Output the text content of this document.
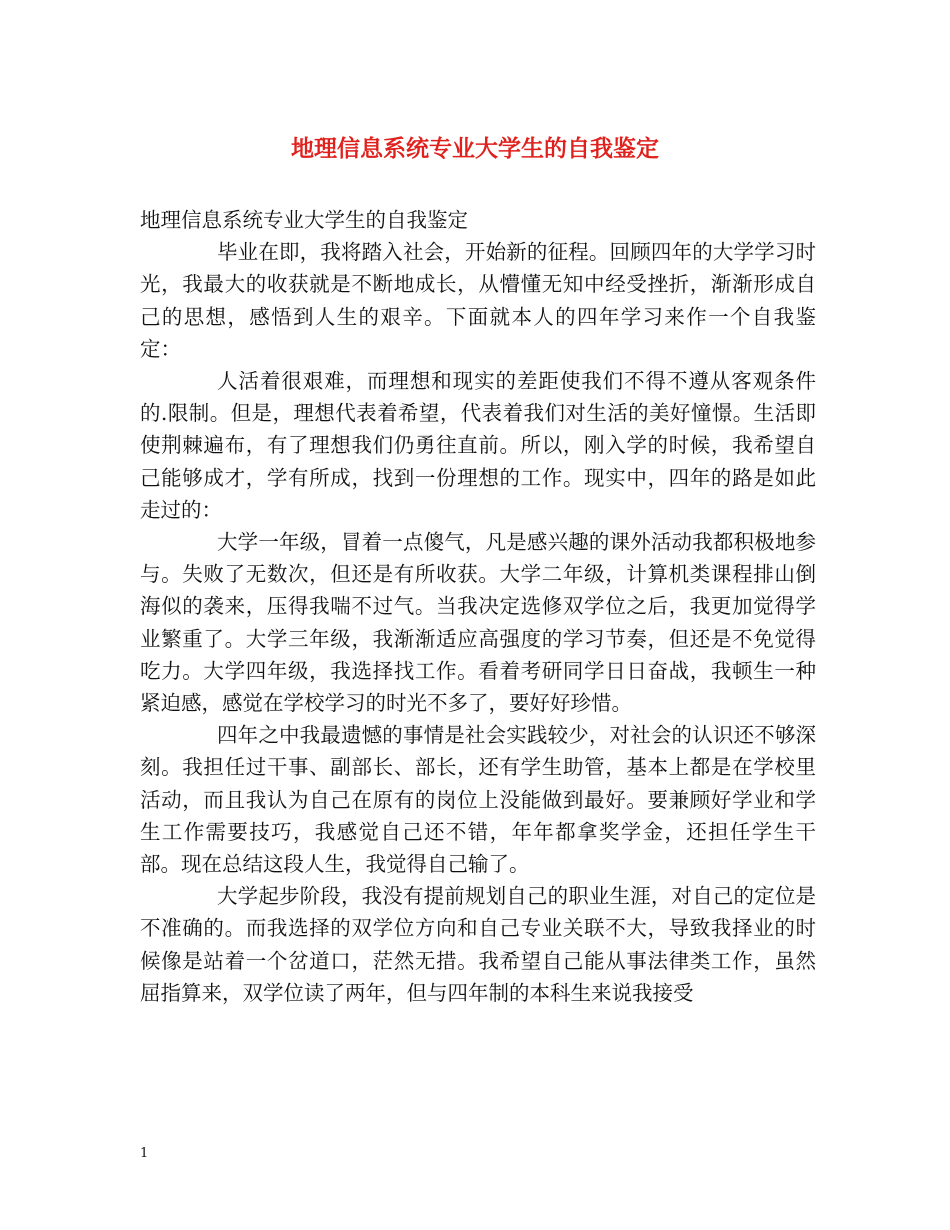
地理信息系统专业大学生的自我鉴定

地理信息系统专业大学生的自我鉴定

毕业在即，我将踏入社会，开始新的征程。回顾四年的大学学习时光，我最大的收获就是不断地成长，从懵懂无知中经受挫折，渐渐形成自己的思想，感悟到人生的艰辛。下面就本人的四年学习来作一个自我鉴定：

人活着很艰难，而理想和现实的差距使我们不得不遵从客观条件的.限制。但是，理想代表着希望，代表着我们对生活的美好憧憬。生活即使荆棘遍布，有了理想我们仍勇往直前。所以，刚入学的时候，我希望自己能够成才，学有所成，找到一份理想的工作。现实中，四年的路是如此走过的：

大学一年级，冒着一点傻气，凡是感兴趣的课外活动我都积极地参与。失败了无数次，但还是有所收获。大学二年级，计算机类课程排山倒海似的袭来，压得我喘不过气。当我决定选修双学位之后，我更加觉得学业繁重了。大学三年级，我渐渐适应高强度的学习节奏，但还是不免觉得吃力。大学四年级，我选择找工作。看着考研同学日日奋战，我顿生一种紧迫感，感觉在学校学习的时光不多了，要好好珍惜。

四年之中我最遗憾的事情是社会实践较少，对社会的认识还不够深刻。我担任过干事、副部长、部长，还有学生助管，基本上都是在学校里活动，而且我认为自己在原有的岗位上没能做到最好。要兼顾好学业和学生工作需要技巧，我感觉自己还不错，年年都拿奖学金，还担任学生干部。现在总结这段人生，我觉得自己输了。

大学起步阶段，我没有提前规划自己的职业生涯，对自己的定位是不准确的。而我选择的双学位方向和自己专业关联不大，导致我择业的时候像是站着一个岔道口，茫然无措。我希望自己能从事法律类工作，虽然屈指算来，双学位读了两年，但与四年制的本科生来说我接受

1
